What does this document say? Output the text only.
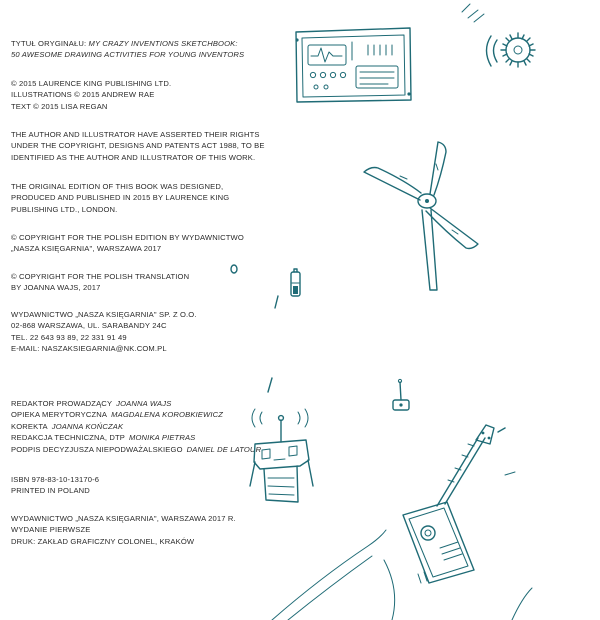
TYTUŁ ORYGINAŁU: MY CRAZY INVENTIONS SKETCHBOOK:
50 AWESOME DRAWING ACTIVITIES FOR YOUNG INVENTORS
© 2015 LAURENCE KING PUBLISHING LTD.
ILLUSTRATIONS © 2015 ANDREW RAE
TEXT © 2015 LISA REGAN
THE AUTHOR AND ILLUSTRATOR HAVE ASSERTED THEIR RIGHTS
UNDER THE COPYRIGHT, DESIGNS AND PATENTS ACT 1988, TO BE
IDENTIFIED AS THE AUTHOR AND ILLUSTRATOR OF THIS WORK.
THE ORIGINAL EDITION OF THIS BOOK WAS DESIGNED,
PRODUCED AND PUBLISHED IN 2015 BY LAURENCE KING
PUBLISHING LTD., LONDON.
© COPYRIGHT FOR THE POLISH EDITION BY WYDAWNICTWO
„NASZA KSIĘGARNIA", WARSZAWA 2017
© COPYRIGHT FOR THE POLISH TRANSLATION
BY JOANNA WAJS, 2017
WYDAWNICTWO „NASZA KSIĘGARNIA" SP. Z O.O.
02-868 WARSZAWA, UL. SARABANDY 24C
TEL. 22 643 93 89, 22 331 91 49
E-MAIL: NASZAKSIEGARNIA@NK.COM.PL
REDAKTOR PROWADZĄCY JOANNA WAJS
OPIEKA MERYTORYCZNA MAGDALENA KOROBKIEWICZ
KOREKTA JOANNA KOŃCZAK
REDAKCJA TECHNICZNA, DTP MONIKA PIETRAS
PODPIS DECYZJUSZA NIEPODWAŻALSKIEGO DANIEL DE LATOUR
ISBN 978-83-10-13170-6
PRINTED IN POLAND
WYDAWNICTWO „NASZA KSIĘGARNIA", WARSZAWA 2017 R.
WYDANIE PIERWSZE
DRUK: ZAKŁAD GRAFICZNY COLONEL, KRAKÓW
